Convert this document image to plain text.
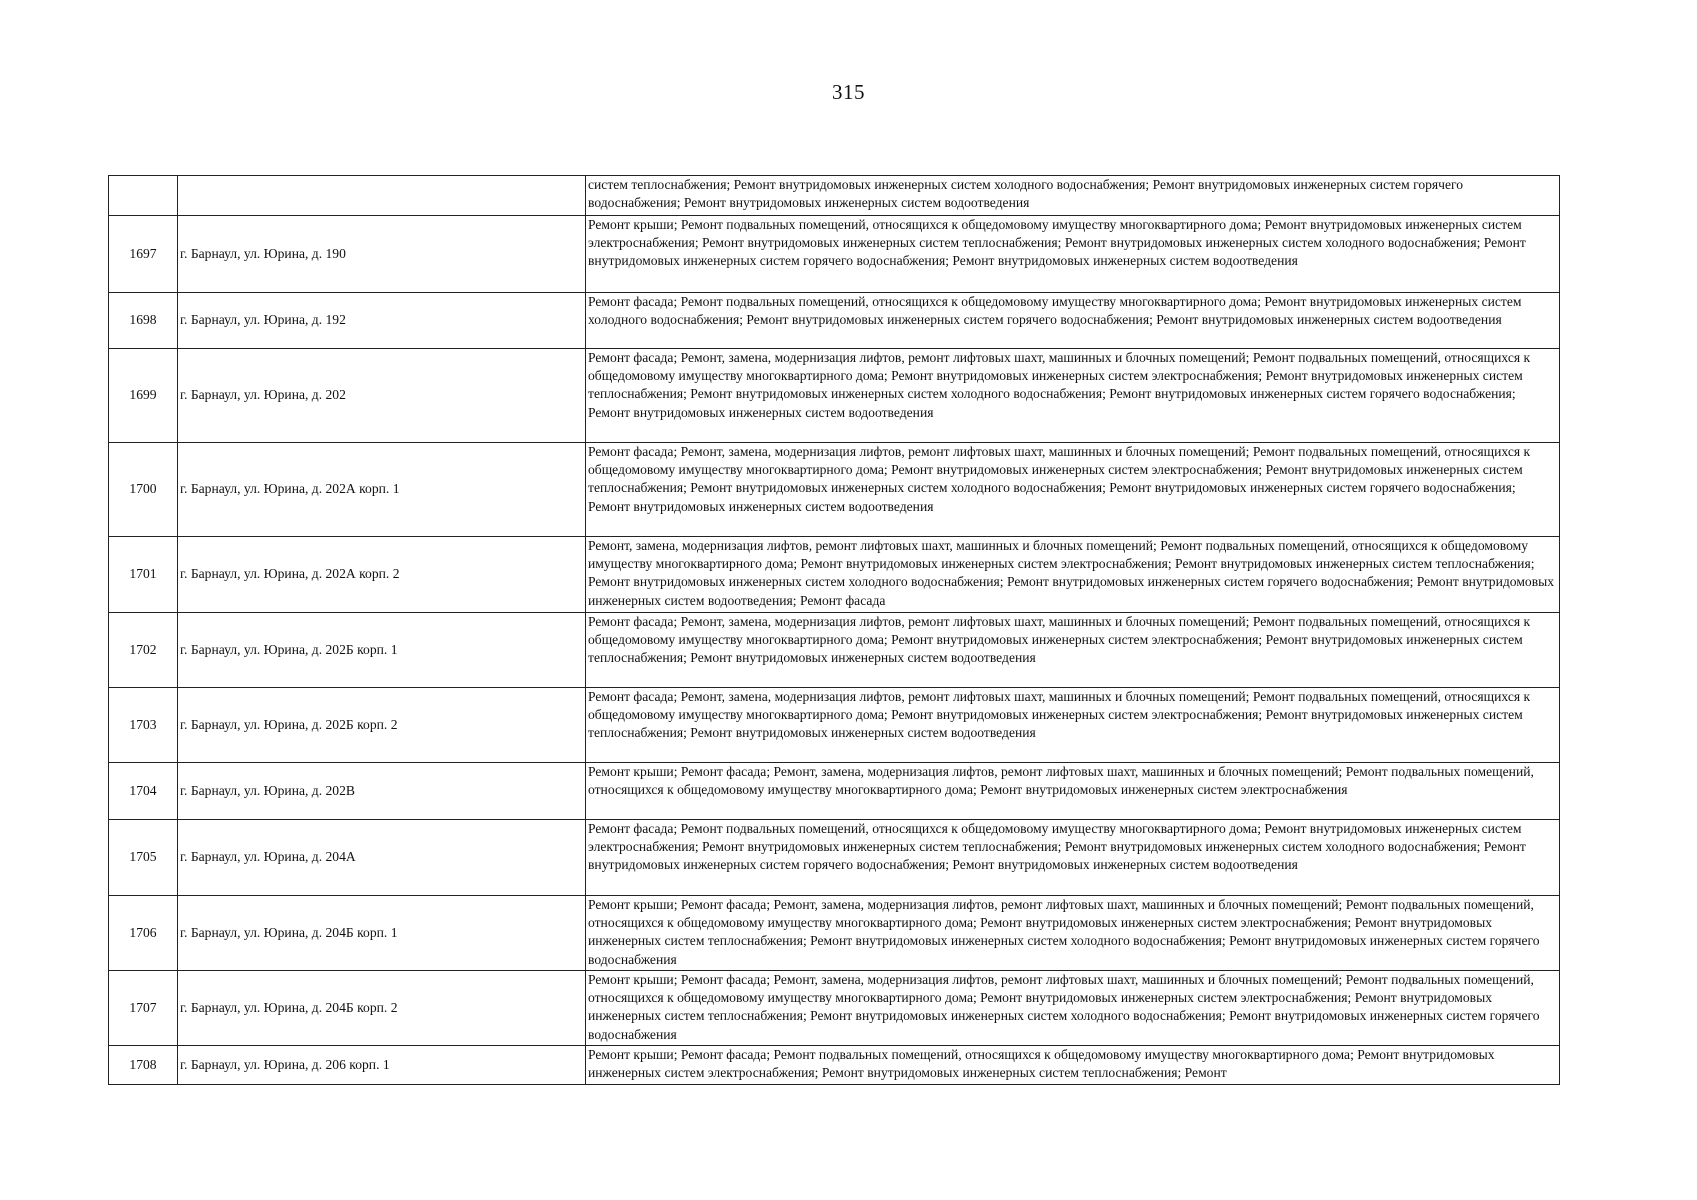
315
		систем теплоснабжения; Ремонт внутридомовых инженерных систем холодного водоснабжения; Ремонт внутридомовых инженерных систем горячего водоснабжения; Ремонт внутридомовых инженерных систем водоотведения
1697	г. Барнаул, ул. Юрина, д. 190	Ремонт крыши; Ремонт подвальных помещений, относящихся к общедомовому имуществу многоквартирного дома; Ремонт внутридомовых инженерных систем электроснабжения; Ремонт внутридомовых инженерных систем теплоснабжения; Ремонт внутридомовых инженерных систем холодного водоснабжения; Ремонт внутридомовых инженерных систем горячего водоснабжения; Ремонт внутридомовых инженерных систем водоотведения
1698	г. Барнаул, ул. Юрина, д. 192	Ремонт фасада; Ремонт подвальных помещений, относящихся к общедомовому имуществу многоквартирного дома; Ремонт внутридомовых инженерных систем холодного водоснабжения; Ремонт внутридомовых инженерных систем горячего водоснабжения; Ремонт внутридомовых инженерных систем водоотведения
1699	г. Барнаул, ул. Юрина, д. 202	Ремонт фасада; Ремонт, замена, модернизация лифтов, ремонт лифтовых шахт, машинных и блочных помещений; Ремонт подвальных помещений, относящихся к общедомовому имуществу многоквартирного дома; Ремонт внутридомовых инженерных систем электроснабжения; Ремонт внутридомовых инженерных систем теплоснабжения; Ремонт внутридомовых инженерных систем холодного водоснабжения; Ремонт внутридомовых инженерных систем горячего водоснабжения; Ремонт внутридомовых инженерных систем водоотведения
1700	г. Барнаул, ул. Юрина, д. 202А корп. 1	Ремонт фасада; Ремонт, замена, модернизация лифтов, ремонт лифтовых шахт, машинных и блочных помещений; Ремонт подвальных помещений, относящихся к общедомовому имуществу многоквартирного дома; Ремонт внутридомовых инженерных систем электроснабжения; Ремонт внутридомовых инженерных систем теплоснабжения; Ремонт внутридомовых инженерных систем холодного водоснабжения; Ремонт внутридомовых инженерных систем горячего водоснабжения; Ремонт внутридомовых инженерных систем водоотведения
1701	г. Барнаул, ул. Юрина, д. 202А корп. 2	Ремонт, замена, модернизация лифтов, ремонт лифтовых шахт, машинных и блочных помещений; Ремонт подвальных помещений, относящихся к общедомовому имуществу многоквартирного дома; Ремонт внутридомовых инженерных систем электроснабжения; Ремонт внутридомовых инженерных систем теплоснабжения; Ремонт внутридомовых инженерных систем холодного водоснабжения; Ремонт внутридомовых инженерных систем горячего водоснабжения; Ремонт внутридомовых инженерных систем водоотведения; Ремонт фасада
1702	г. Барнаул, ул. Юрина, д. 202Б корп. 1	Ремонт фасада; Ремонт, замена, модернизация лифтов, ремонт лифтовых шахт, машинных и блочных помещений; Ремонт подвальных помещений, относящихся к общедомовому имуществу многоквартирного дома; Ремонт внутридомовых инженерных систем электроснабжения; Ремонт внутридомовых инженерных систем теплоснабжения; Ремонт внутридомовых инженерных систем водоотведения
1703	г. Барнаул, ул. Юрина, д. 202Б корп. 2	Ремонт фасада; Ремонт, замена, модернизация лифтов, ремонт лифтовых шахт, машинных и блочных помещений; Ремонт подвальных помещений, относящихся к общедомовому имуществу многоквартирного дома; Ремонт внутридомовых инженерных систем электроснабжения; Ремонт внутридомовых инженерных систем теплоснабжения; Ремонт внутридомовых инженерных систем водоотведения
1704	г. Барнаул, ул. Юрина, д. 202В	Ремонт крыши; Ремонт фасада; Ремонт, замена, модернизация лифтов, ремонт лифтовых шахт, машинных и блочных помещений; Ремонт подвальных помещений, относящихся к общедомовому имуществу многоквартирного дома; Ремонт внутридомовых инженерных систем электроснабжения
1705	г. Барнаул, ул. Юрина, д. 204А	Ремонт фасада; Ремонт подвальных помещений, относящихся к общедомовому имуществу многоквартирного дома; Ремонт внутридомовых инженерных систем электроснабжения; Ремонт внутридомовых инженерных систем теплоснабжения; Ремонт внутридомовых инженерных систем холодного водоснабжения; Ремонт внутридомовых инженерных систем горячего водоснабжения; Ремонт внутридомовых инженерных систем водоотведения
1706	г. Барнаул, ул. Юрина, д. 204Б корп. 1	Ремонт крыши; Ремонт фасада; Ремонт, замена, модернизация лифтов, ремонт лифтовых шахт, машинных и блочных помещений; Ремонт подвальных помещений, относящихся к общедомовому имуществу многоквартирного дома; Ремонт внутридомовых инженерных систем электроснабжения; Ремонт внутридомовых инженерных систем теплоснабжения; Ремонт внутридомовых инженерных систем холодного водоснабжения; Ремонт внутридомовых инженерных систем горячего водоснабжения
1707	г. Барнаул, ул. Юрина, д. 204Б корп. 2	Ремонт крыши; Ремонт фасада; Ремонт, замена, модернизация лифтов, ремонт лифтовых шахт, машинных и блочных помещений; Ремонт подвальных помещений, относящихся к общедомовому имуществу многоквартирного дома; Ремонт внутридомовых инженерных систем электроснабжения; Ремонт внутридомовых инженерных систем теплоснабжения; Ремонт внутридомовых инженерных систем холодного водоснабжения; Ремонт внутридомовых инженерных систем горячего водоснабжения
1708	г. Барнаул, ул. Юрина, д. 206 корп. 1	Ремонт крыши; Ремонт фасада; Ремонт подвальных помещений, относящихся к общедомовому имуществу многоквартирного дома; Ремонт внутридомовых инженерных систем электроснабжения; Ремонт внутридомовых инженерных систем теплоснабжения; Ремонт
